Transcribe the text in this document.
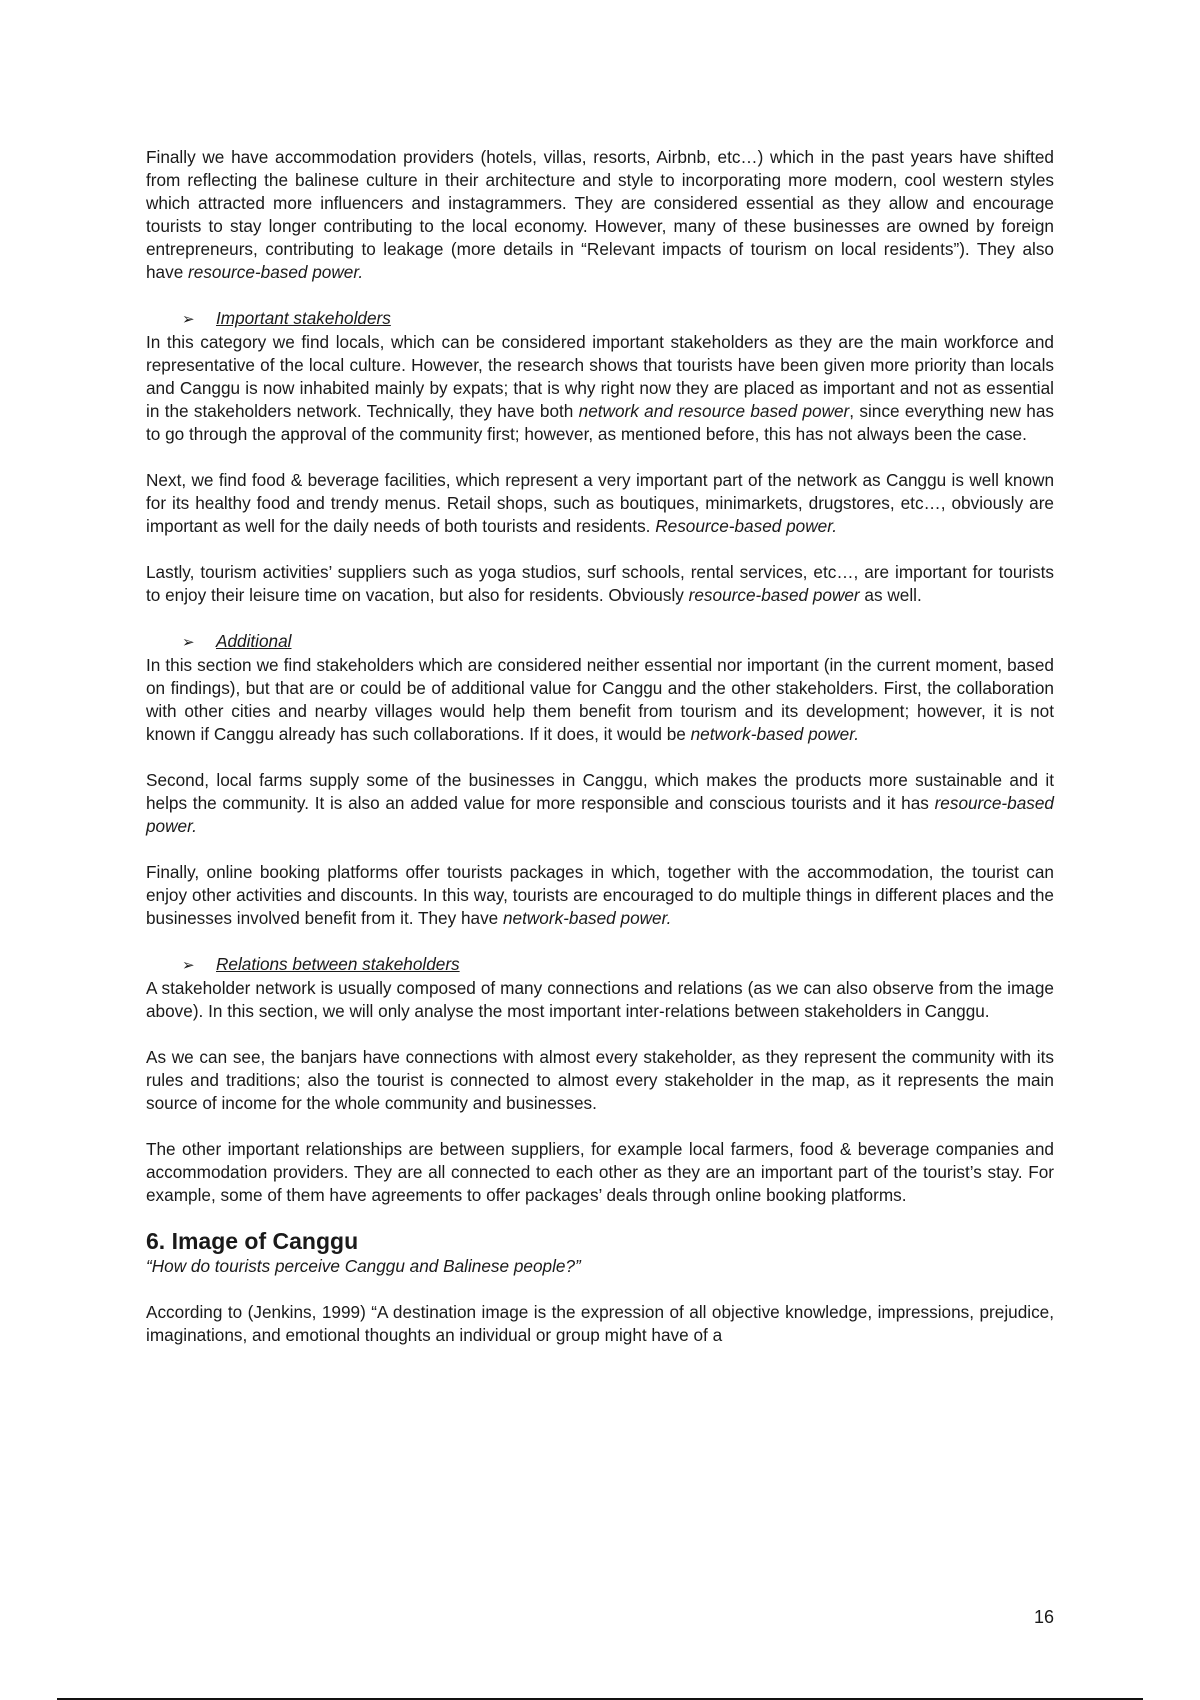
Finally we have accommodation providers (hotels, villas, resorts, Airbnb, etc…) which in the past years have shifted from reflecting the balinese culture in their architecture and style to incorporating more modern, cool western styles which attracted more influencers and instagrammers. They are considered essential as they allow and encourage tourists to stay longer contributing to the local economy. However, many of these businesses are owned by foreign entrepreneurs, contributing to leakage (more details in “Relevant impacts of tourism on local residents”). They also have resource-based power.

➢ Important stakeholders

In this category we find locals, which can be considered important stakeholders as they are the main workforce and representative of the local culture. However, the research shows that tourists have been given more priority than locals and Canggu is now inhabited mainly by expats; that is why right now they are placed as important and not as essential in the stakeholders network. Technically, they have both network and resource based power, since everything new has to go through the approval of the community first; however, as mentioned before, this has not always been the case.

Next, we find food & beverage facilities, which represent a very important part of the network as Canggu is well known for its healthy food and trendy menus. Retail shops, such as boutiques, minimarkets, drugstores, etc…, obviously are important as well for the daily needs of both tourists and residents. Resource-based power.

Lastly, tourism activities’ suppliers such as yoga studios, surf schools, rental services, etc…, are important for tourists to enjoy their leisure time on vacation, but also for residents. Obviously resource-based power as well.

➢ Additional

In this section we find stakeholders which are considered neither essential nor important (in the current moment, based on findings), but that are or could be of additional value for Canggu and the other stakeholders. First, the collaboration with other cities and nearby villages would help them benefit from tourism and its development; however, it is not known if Canggu already has such collaborations. If it does, it would be network-based power.

Second, local farms supply some of the businesses in Canggu, which makes the products more sustainable and it helps the community. It is also an added value for more responsible and conscious tourists and it has resource-based power.

Finally, online booking platforms offer tourists packages in which, together with the accommodation, the tourist can enjoy other activities and discounts. In this way, tourists are encouraged to do multiple things in different places and the businesses involved benefit from it. They have network-based power.

➢ Relations between stakeholders

A stakeholder network is usually composed of many connections and relations (as we can also observe from the image above). In this section, we will only analyse the most important inter-relations between stakeholders in Canggu.

As we can see, the banjars have connections with almost every stakeholder, as they represent the community with its rules and traditions; also the tourist is connected to almost every stakeholder in the map, as it represents the main source of income for the whole community and businesses.

The other important relationships are between suppliers, for example local farmers, food & beverage companies and accommodation providers. They are all connected to each other as they are an important part of the tourist’s stay. For example, some of them have agreements to offer packages’ deals through online booking platforms.

6. Image of Canggu
“How do tourists perceive Canggu and Balinese people?”

According to (Jenkins, 1999) “A destination image is the expression of all objective knowledge, impressions, prejudice, imaginations, and emotional thoughts an individual or group might have of a

16
